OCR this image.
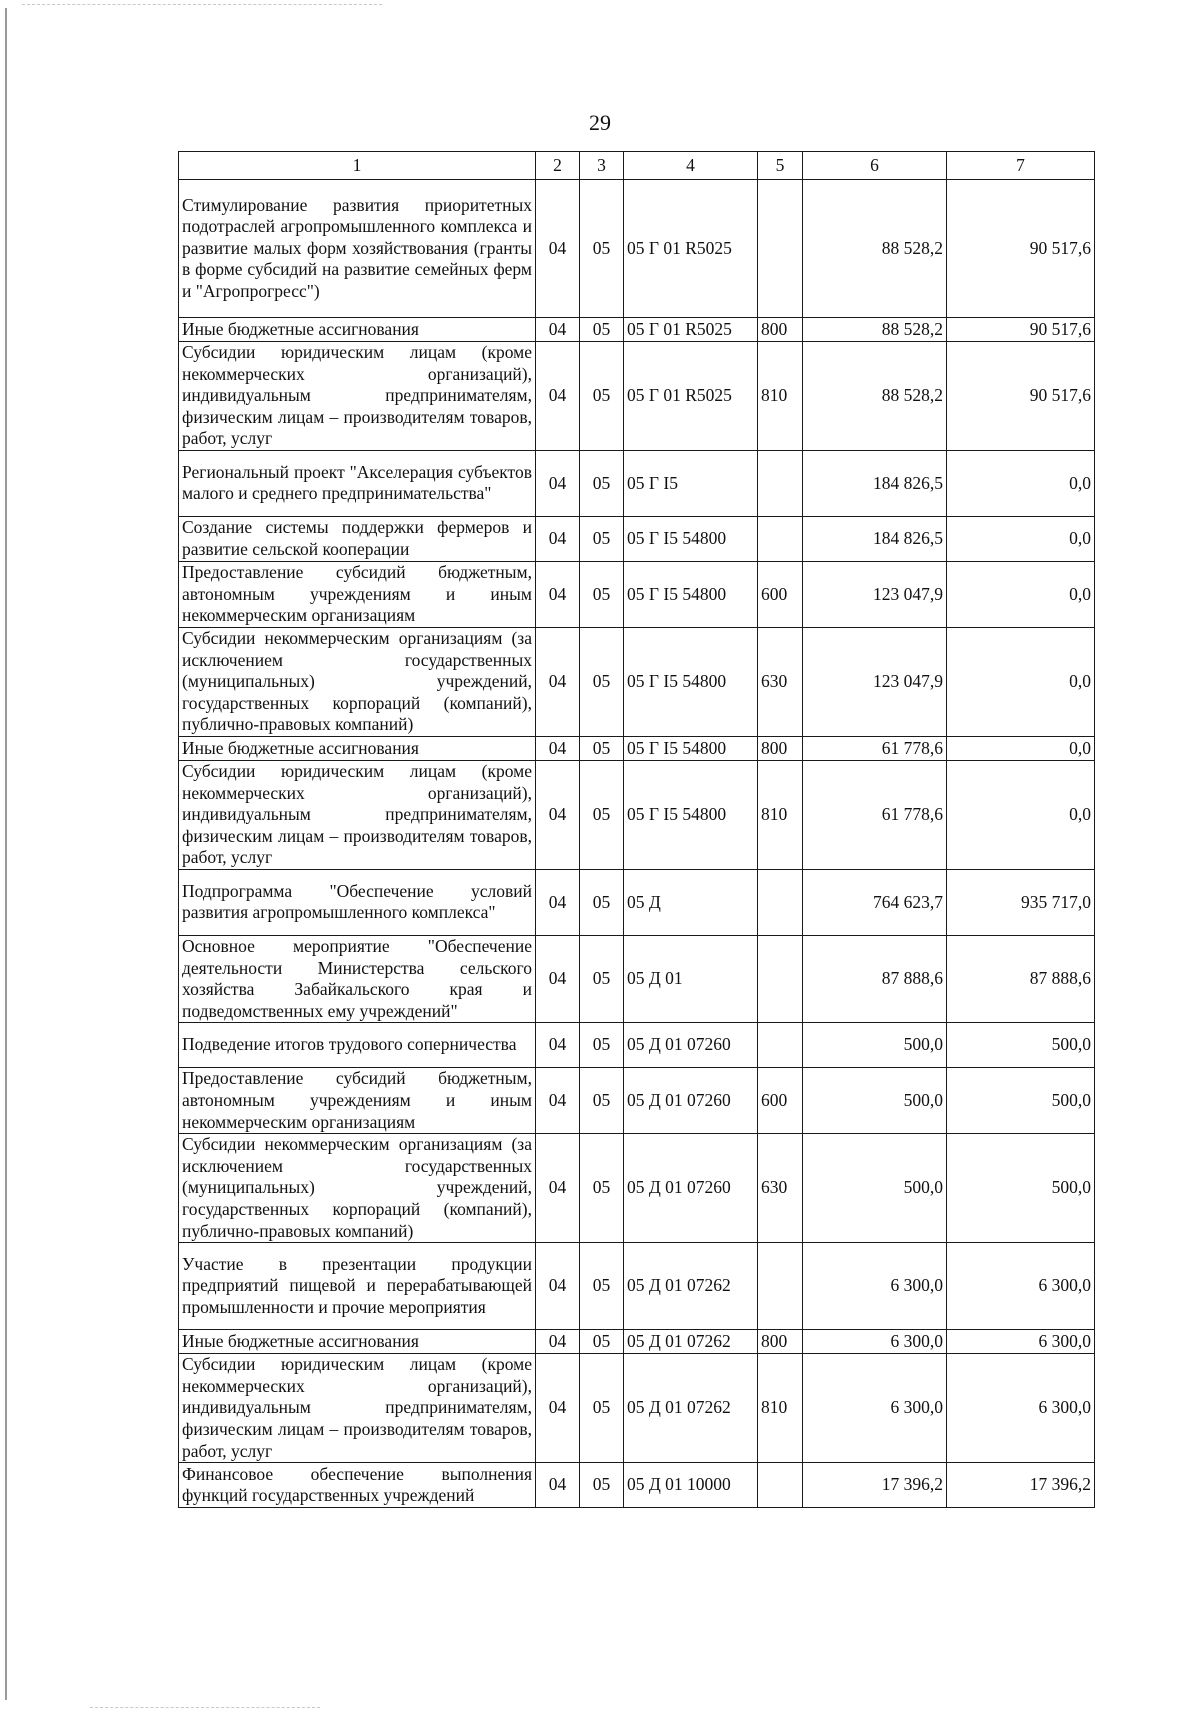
29
1	2	3	4	5	6	7
Стимулирование развития приоритетных подотраслей агропромышленного комплекса и развитие малых форм хозяйствования (гранты в форме субсидий на развитие семейных ферм и "Агропрогресс")	04	05	05 Г 01 R5025		88 528,2	90 517,6
Иные бюджетные ассигнования	04	05	05 Г 01 R5025	800	88 528,2	90 517,6
Субсидии юридическим лицам (кроме некоммерческих организаций), индивидуальным предпринимателям, физическим лицам – производителям товаров, работ, услуг	04	05	05 Г 01 R5025	810	88 528,2	90 517,6
Региональный проект "Акселерация субъектов малого и среднего предпринимательства"	04	05	05 Г I5		184 826,5	0,0
Создание системы поддержки фермеров и развитие сельской кооперации	04	05	05 Г I5 54800		184 826,5	0,0
Предоставление субсидий бюджетным, автономным учреждениям и иным некоммерческим организациям	04	05	05 Г I5 54800	600	123 047,9	0,0
Субсидии некоммерческим организациям (за исключением государственных (муниципальных) учреждений, государственных корпораций (компаний), публично-правовых компаний)	04	05	05 Г I5 54800	630	123 047,9	0,0
Иные бюджетные ассигнования	04	05	05 Г I5 54800	800	61 778,6	0,0
Субсидии юридическим лицам (кроме некоммерческих организаций), индивидуальным предпринимателям, физическим лицам – производителям товаров, работ, услуг	04	05	05 Г I5 54800	810	61 778,6	0,0
Подпрограмма "Обеспечение условий развития агропромышленного комплекса"	04	05	05 Д		764 623,7	935 717,0
Основное мероприятие "Обеспечение деятельности Министерства сельского хозяйства Забайкальского края и подведомственных ему учреждений"	04	05	05 Д 01		87 888,6	87 888,6
Подведение итогов трудового соперничества	04	05	05 Д 01 07260		500,0	500,0
Предоставление субсидий бюджетным, автономным учреждениям и иным некоммерческим организациям	04	05	05 Д 01 07260	600	500,0	500,0
Субсидии некоммерческим организациям (за исключением государственных (муниципальных) учреждений, государственных корпораций (компаний), публично-правовых компаний)	04	05	05 Д 01 07260	630	500,0	500,0
Участие в презентации продукции предприятий пищевой и перерабатывающей промышленности и прочие мероприятия	04	05	05 Д 01 07262		6 300,0	6 300,0
Иные бюджетные ассигнования	04	05	05 Д 01 07262	800	6 300,0	6 300,0
Субсидии юридическим лицам (кроме некоммерческих организаций), индивидуальным предпринимателям, физическим лицам – производителям товаров, работ, услуг	04	05	05 Д 01 07262	810	6 300,0	6 300,0
Финансовое обеспечение выполнения функций государственных учреждений	04	05	05 Д 01 10000		17 396,2	17 396,2
